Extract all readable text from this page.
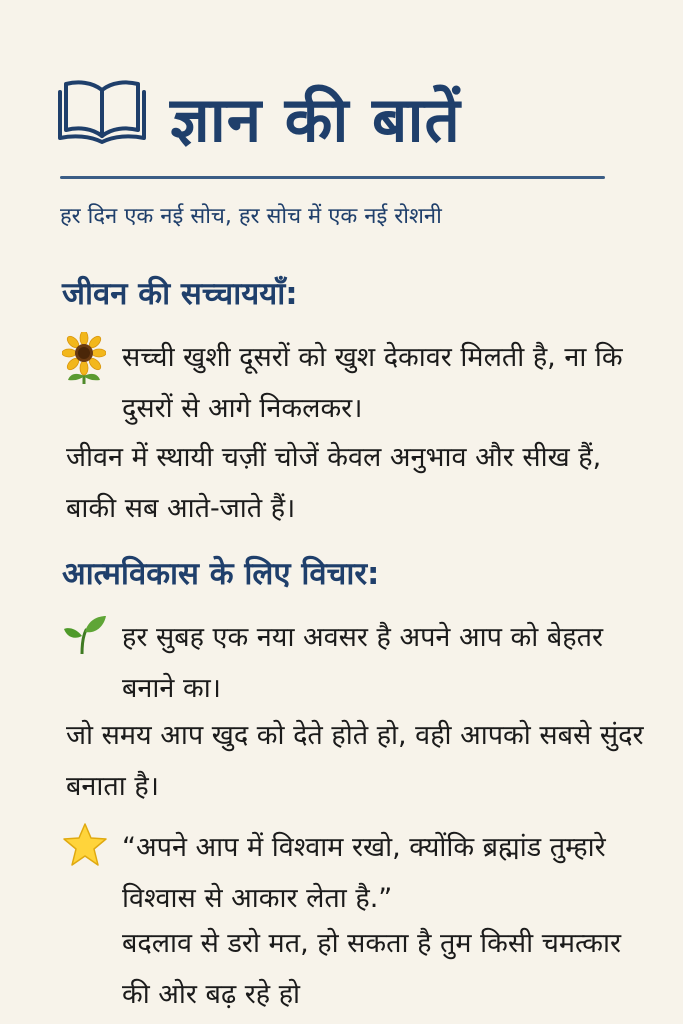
ज्ञान की बातें
हर दिन एक नई सोच, हर सोच में एक नई रोशनी
जीवन की सच्चाययाँ:
सच्ची खुशी दूसरों को खुश देकावर मिलती है, ना कि दुसरों से आगे निकलकर।
जीवन में स्थायी चज़ीं चोजें केवल अनुभाव और सीख हैं, बाकी सब आते-जाते हैं।
आत्मविकास के लिए विचार:
हर सुबह एक नया अवसर है अपने आप को बेहतर बनाने का।
जो समय आप खुद को देते होते हो, वही आपको सबसे सुंदर बनाता है।
“अपने आप में विश्वाम रखो, क्योंकि ब्रह्मांड तुम्हारे विश्वास से आकार लेता है.”
बदलाव से डरो मत, हो सकता है तुम किसी चमत्कार की ओर बढ़ रहे हो
